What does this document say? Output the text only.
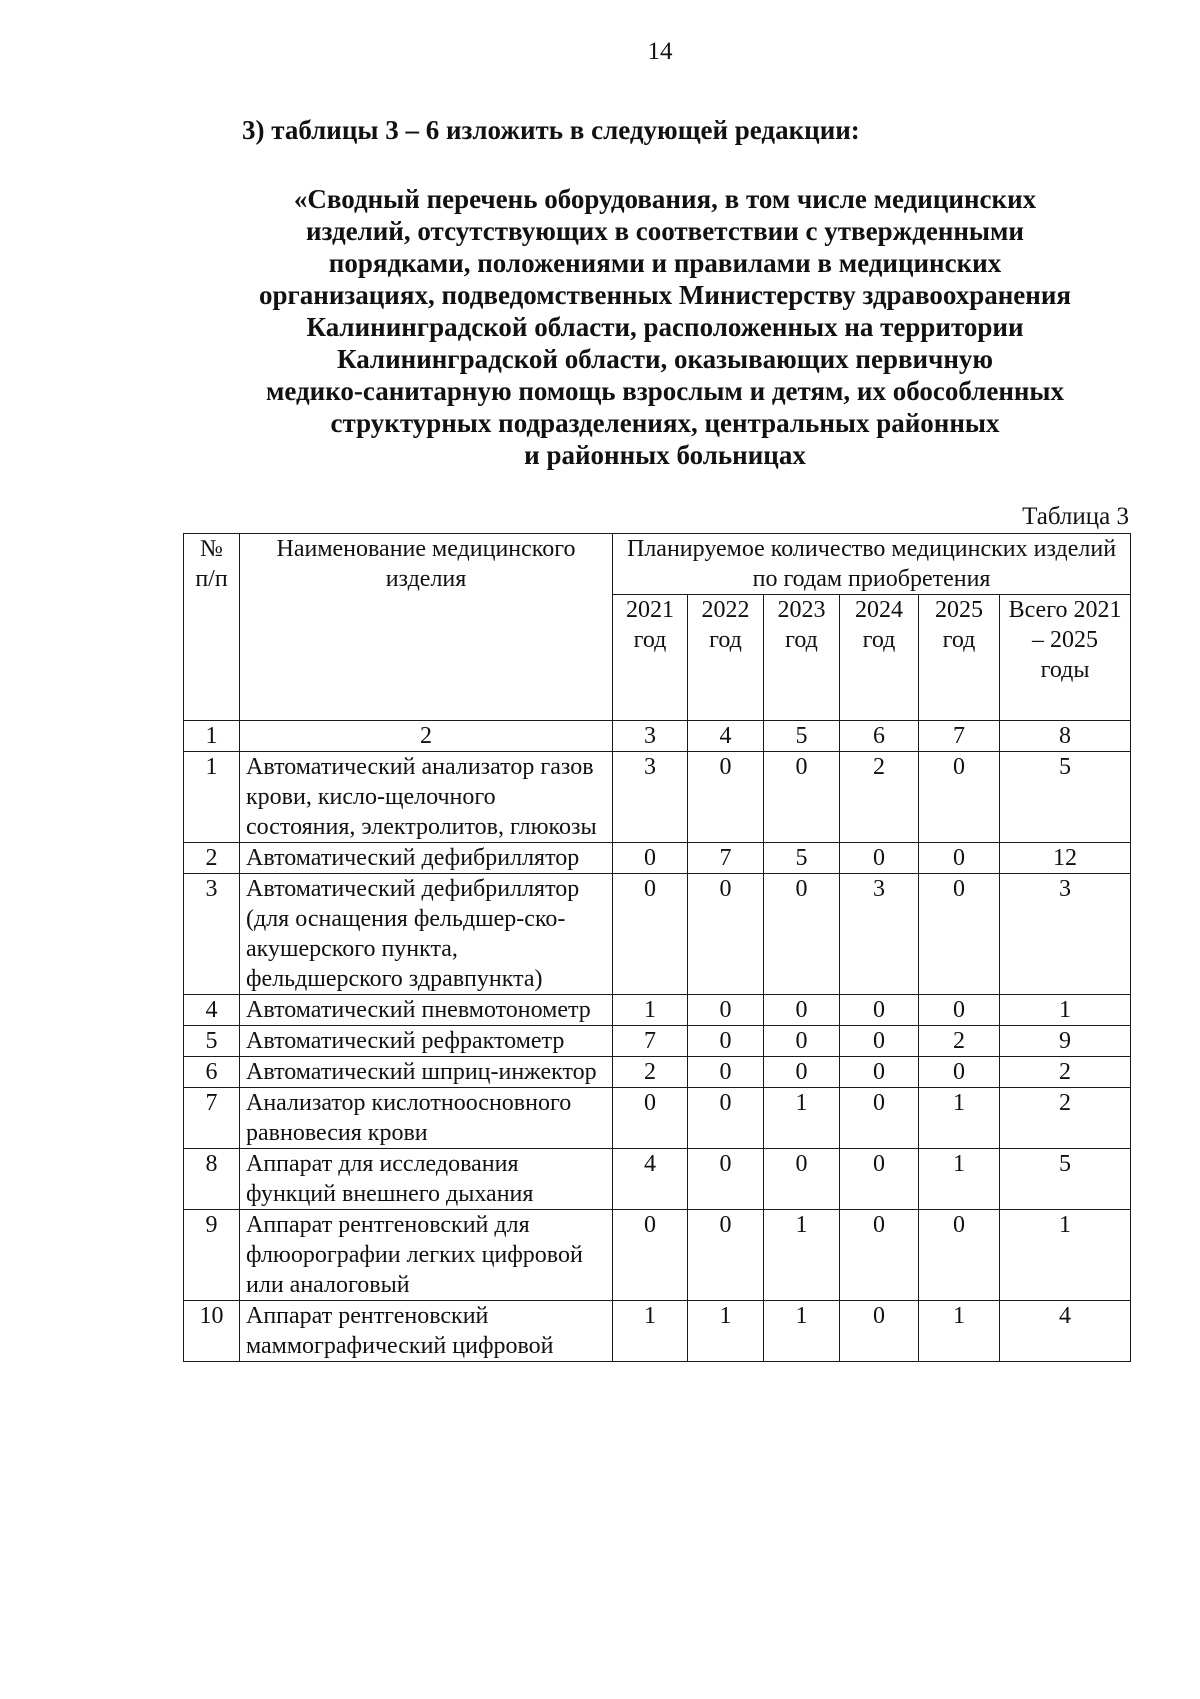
14
3) таблицы 3 – 6 изложить в следующей редакции:
«Сводный перечень оборудования, в том числе медицинских
изделий, отсутствующих в соответствии с утвержденными
порядками, положениями и правилами в медицинских
организациях, подведомственных Министерству здравоохранения
Калининградской области, расположенных на территории
Калининградской области, оказывающих первичную
медико-санитарную помощь взрослым и детям, их обособленных
структурных подразделениях, центральных районных
и районных больницах
Таблица 3
№ п/п	Наименование медицинского изделия	Планируемое количество медицинских изделий по годам приобретения					
		2021 год	2022 год	2023 год	2024 год	2025 год	Всего 2021 – 2025 годы
1	2	3	4	5	6	7	8
1	Автоматический анализатор газов крови, кисло-щелочного состояния, электролитов, глюкозы	3	0	0	2	0	5
2	Автоматический дефибриллятор	0	7	5	0	0	12
3	Автоматический дефибриллятор (для оснащения фельдшер-ско-акушерского пункта, фельдшерского здравпункта)	0	0	0	3	0	3
4	Автоматический пневмотонометр	1	0	0	0	0	1
5	Автоматический рефрактометр	7	0	0	0	2	9
6	Автоматический шприц-инжектор	2	0	0	0	0	2
7	Анализатор кислотноосновного равновесия крови	0	0	1	0	1	2
8	Аппарат для исследования функций внешнего дыхания	4	0	0	0	1	5
9	Аппарат рентгеновский для флюорографии легких цифровой или аналоговый	0	0	1	0	0	1
10	Аппарат рентгеновский маммографический цифровой	1	1	1	0	1	4
